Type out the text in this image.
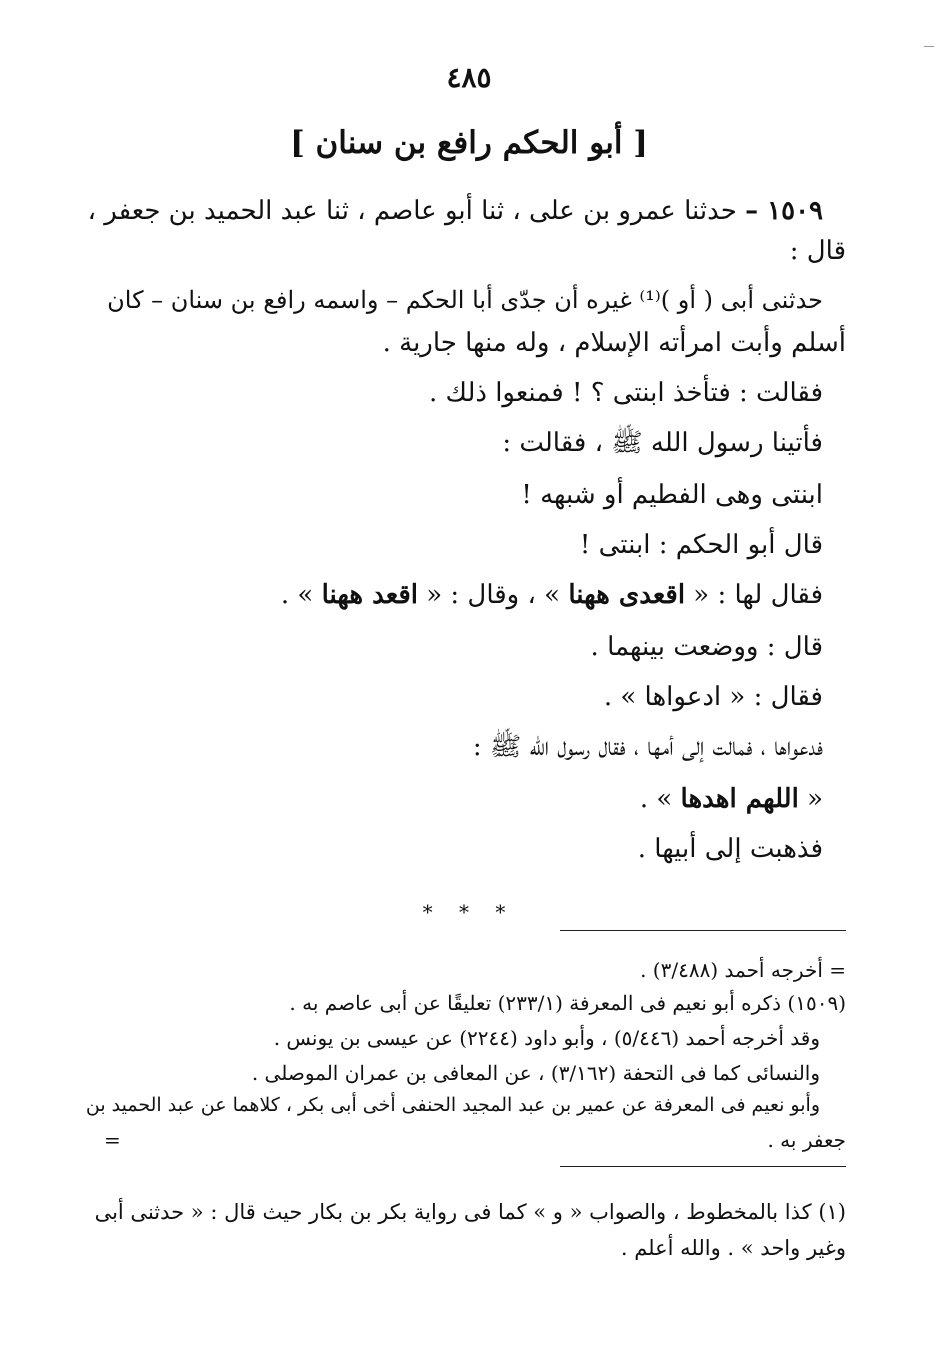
٤٨٥
[ أبو الحكم رافع بن سنان ]
١٥٠٩ – حدثنا عمرو بن على ، ثنا أبو عاصم ، ثنا عبد الحميد بن جعفر ،
قال :
حدثنى أبى ( أو )⁽¹⁾ غيره أن جدّى أبا الحكم – واسمه رافع بن سنان – كان
أسلم وأبت امرأته الإسلام ، وله منها جارية .
فقالت : فتأخذ ابنتى ؟ ! فمنعوا ذلك .
فأتينا رسول الله ﷺ ، فقالت :
ابنتى وهى الفطيم أو شبهه !
قال أبو الحكم : ابنتى !
فقال لها : « اقعدى ههنا » ، وقال : « اقعد ههنا » .
قال : ووضعت بينهما .
فقال : « ادعواها » .
فدعواها ، فمالت إلى أمها ، فقال رسول الله ﷺ :
« اللهم اهدها » .
فذهبت إلى أبيها .
* * *
= أخرجه أحمد (٣/٤٨٨) .
(١٥٠٩) ذكره أبو نعيم فى المعرفة (٢٣٣/١) تعليقًا عن أبى عاصم به .
وقد أخرجه أحمد (٥/٤٤٦) ، وأبو داود (٢٢٤٤) عن عيسى بن يونس .
والنسائى كما فى التحفة (٣/١٦٢) ، عن المعافى بن عمران الموصلى .
وأبو نعيم فى المعرفة عن عمير بن عبد المجيد الحنفى أخى أبى بكر ، كلاهما عن عبد الحميد بن
جعفر به .
=
(١) كذا بالمخطوط ، والصواب « و » كما فى رواية بكر بن بكار حيث قال : « حدثنى أبى
وغير واحد » . والله أعلم .
